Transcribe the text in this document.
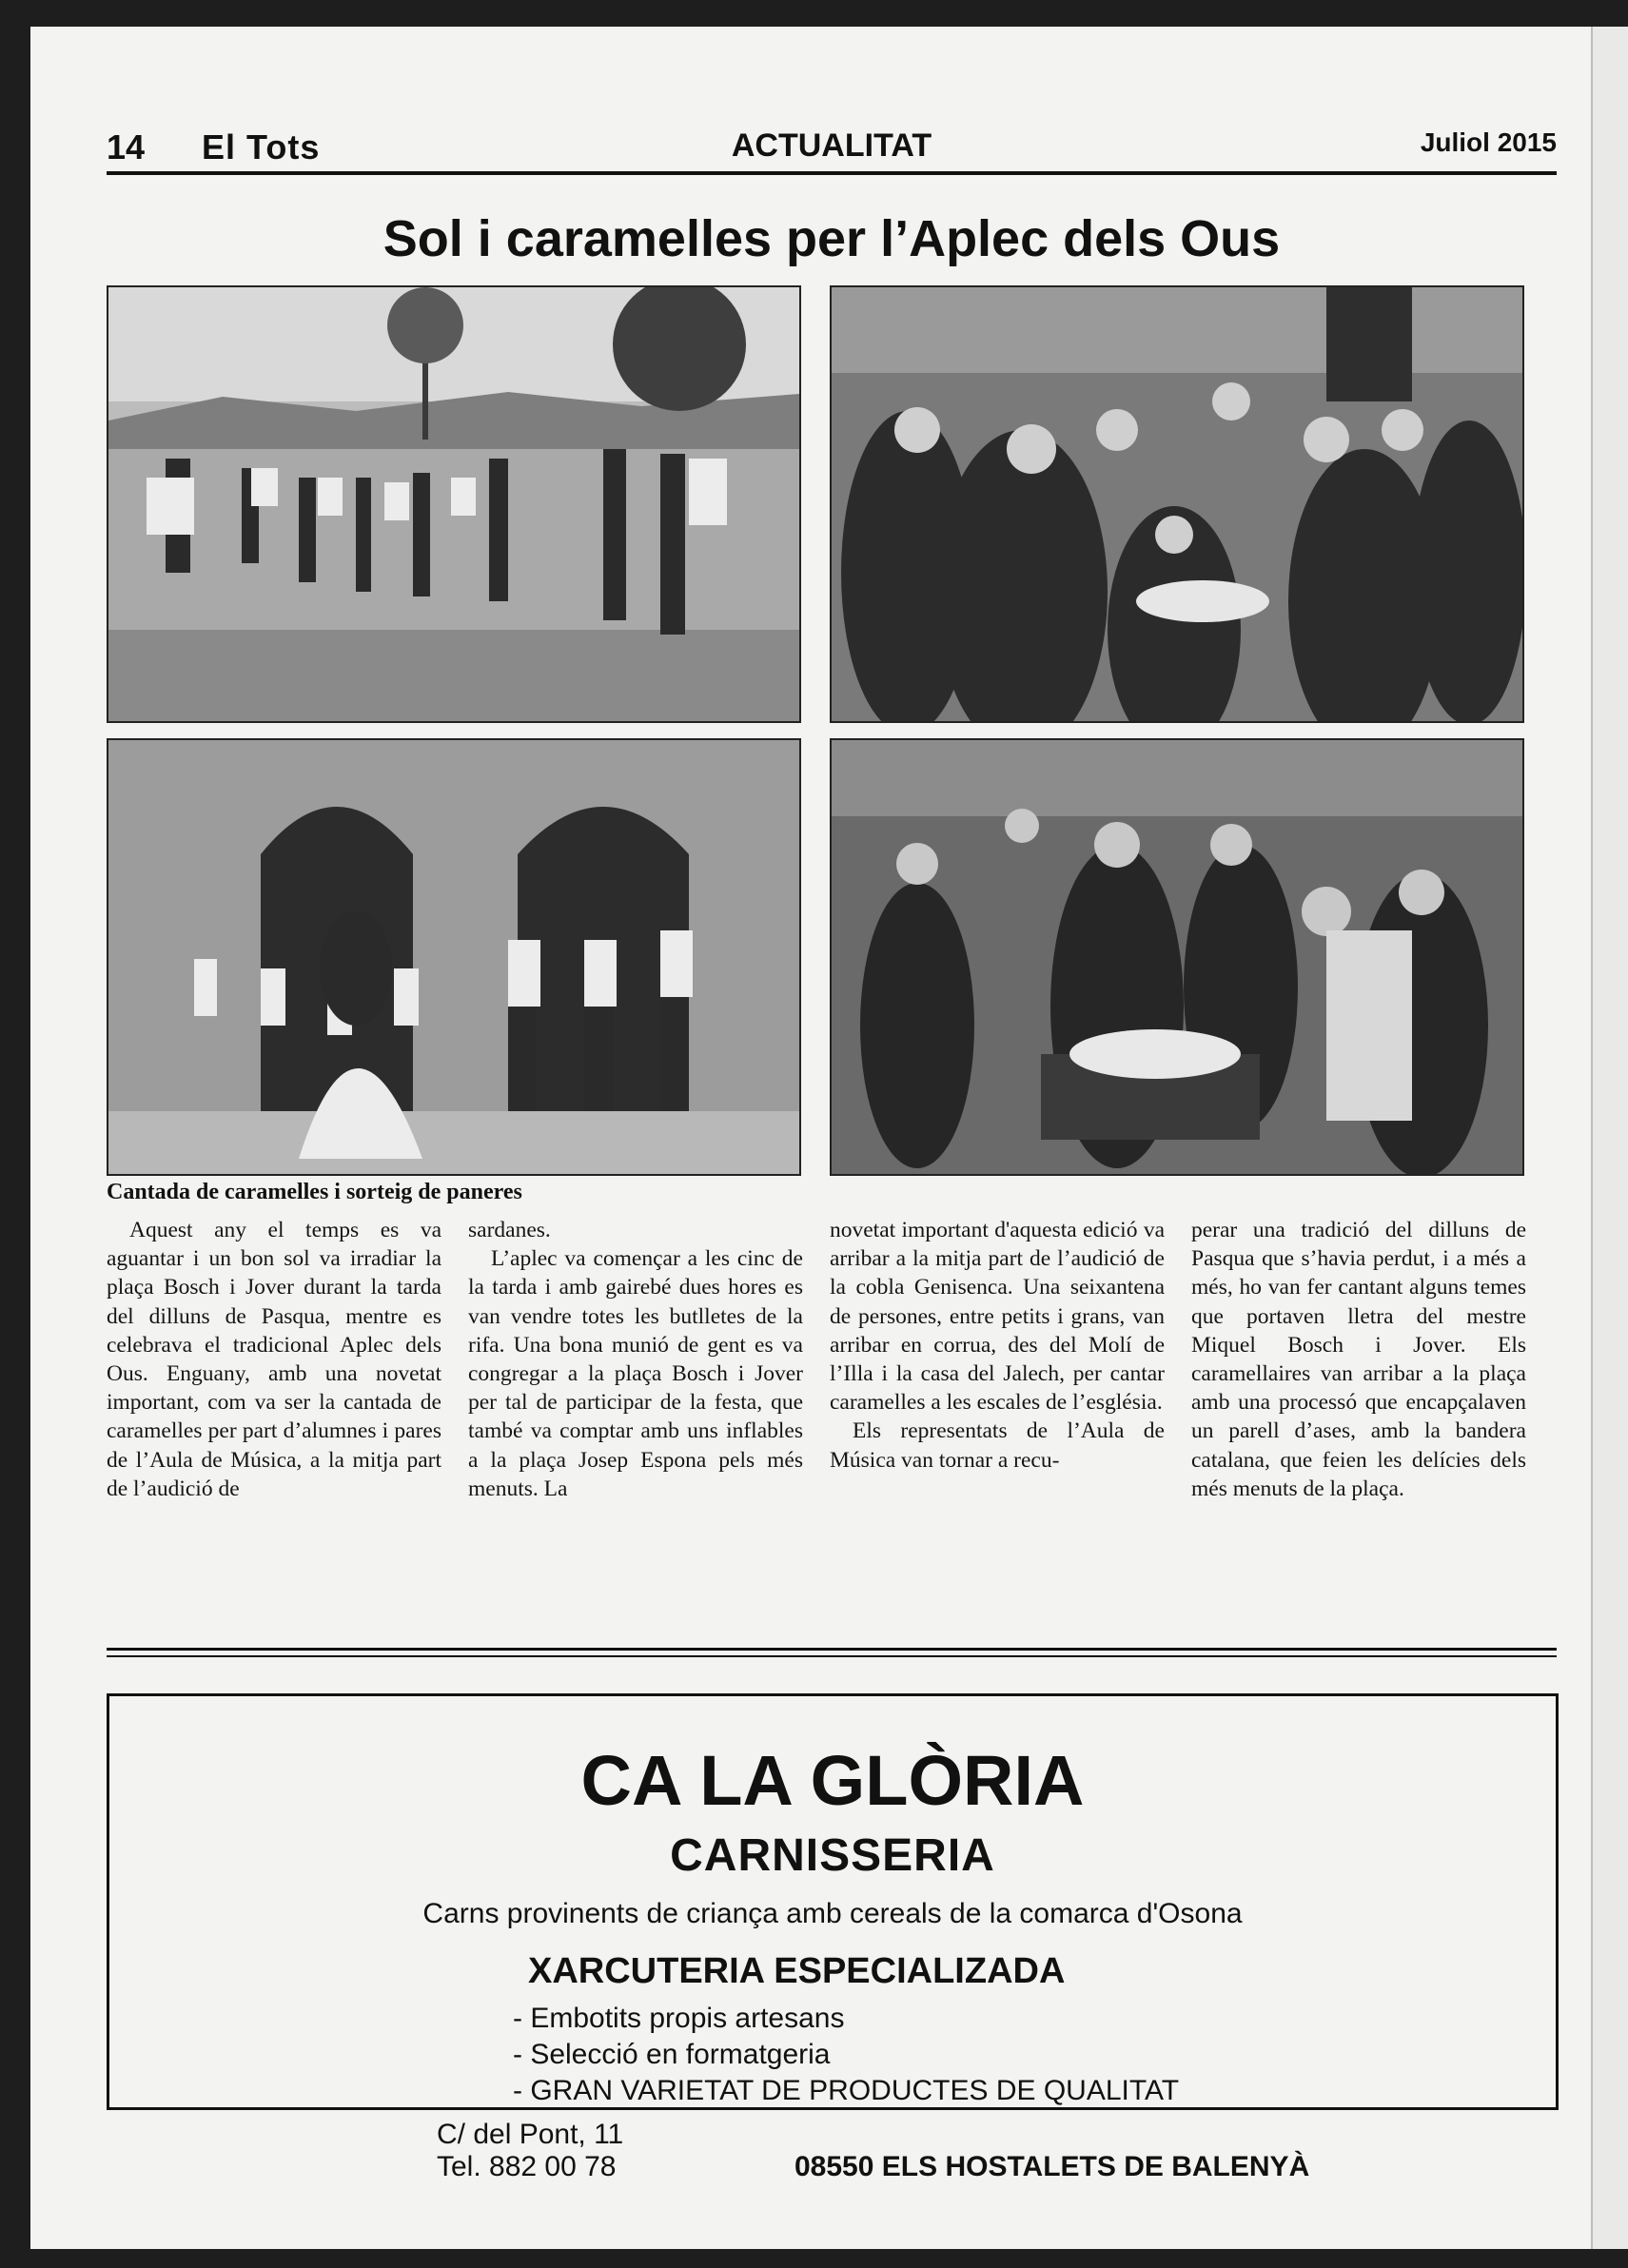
14 El Tots	ACTUALITAT	Juliol 2015
Sol i caramelles per l’Aplec dels Ous
Cantada de caramelles i sorteig de paneres

Aquest any el temps es va aguantar i un bon sol va irradiar la plaça Bosch i Jover durant la tarda del dilluns de Pasqua, mentre es celebrava el tradicional Aplec dels Ous. Enguany, amb una novetat important, com va ser la cantada de caramelles per part d’alumnes i pares de l’Aula de Música, a la mitja part de l’audició de

sardanes.

L’aplec va començar a les cinc de la tarda i amb gairebé dues hores es van vendre totes les butlletes de la rifa. Una bona munió de gent es va congregar a la plaça Bosch i Jover per tal de participar de la festa, que també va comptar amb uns inflables a la plaça Josep Espona pels més menuts. La

novetat important d'aquesta edició va arribar a la mitja part de l’audició de la cobla Genisenca. Una seixantena de persones, entre petits i grans, van arribar en corrua, des del Molí de l’Illa i la casa del Jalech, per cantar caramelles a les escales de l’església.

Els representats de l’Aula de Música van tornar a recu-

perar una tradició del dilluns de Pasqua que s’havia perdut, i a més a més, ho van fer cantant alguns temes que portaven lletra del mestre Miquel Bosch i Jover. Els caramellaires van arribar a la plaça amb una processó que encapçalaven un parell d’ases, amb la bandera catalana, que feien les delícies dels més menuts de la plaça.

CA LA GLÒRIA
CARNISSERIA
Carns provinents de criança amb cereals de la comarca d'Osona
XARCUTERIA ESPECIALIZADA
- Embotits propis artesans
- Selecció en formatgeria
- GRAN VARIETAT DE PRODUCTES DE QUALITAT
C/ del Pont, 11
Tel. 882 00 78	08550 ELS HOSTALETS DE BALENYÀ
